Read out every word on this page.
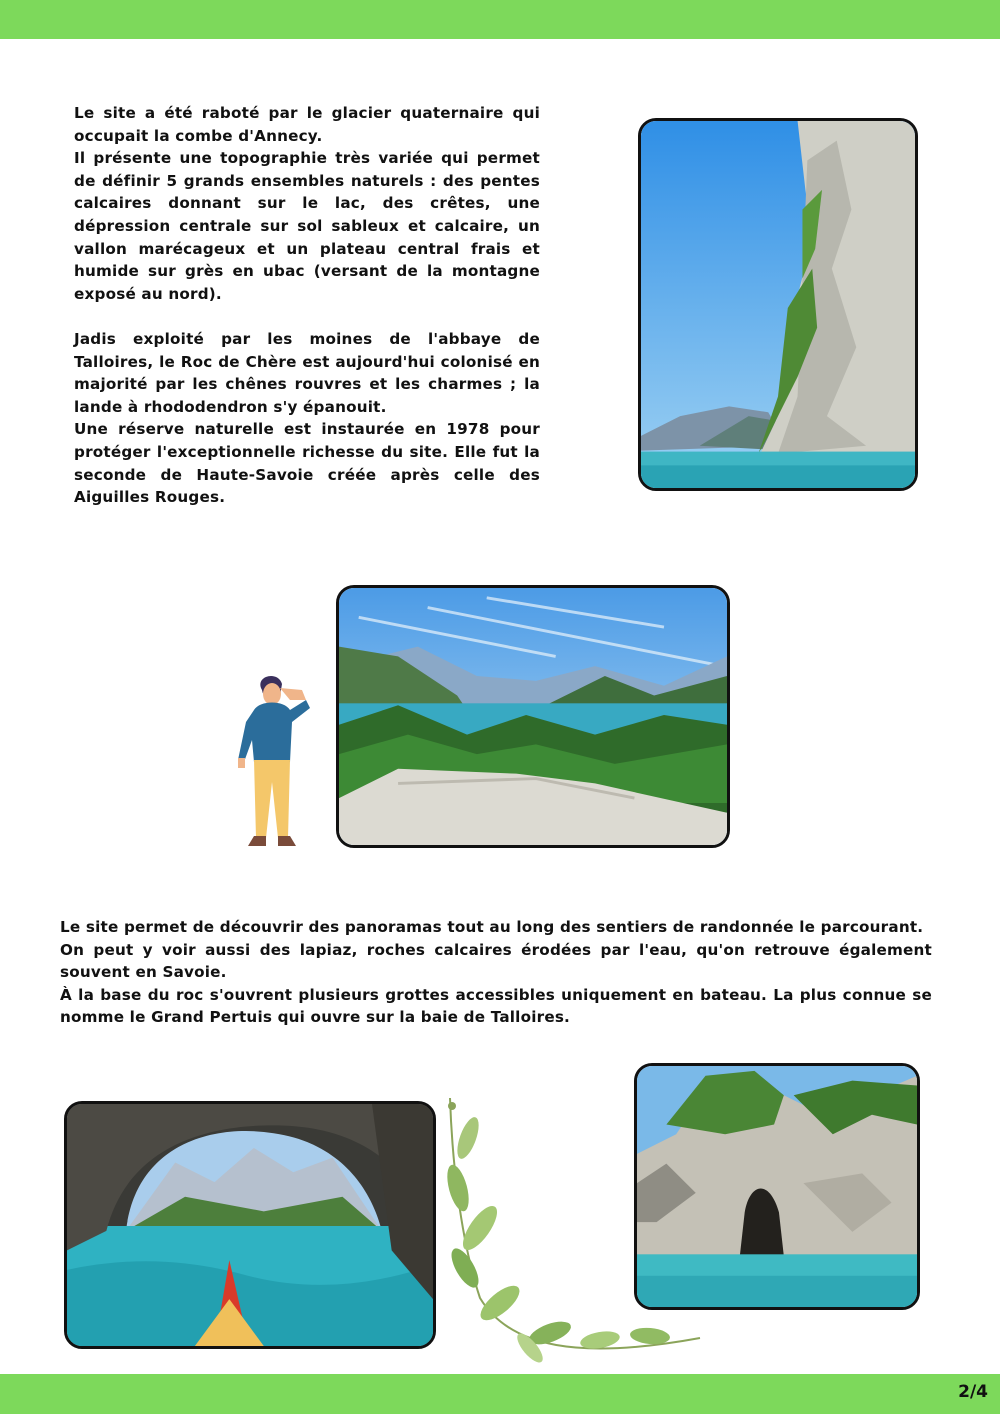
Le site a été raboté par le glacier quaternaire qui occupait la combe d'Annecy.

Il présente une topographie très variée qui permet de définir 5 grands ensembles naturels : des pentes calcaires donnant sur le lac, des crêtes, une dépression centrale sur sol sableux et calcaire, un vallon marécageux et un plateau central frais et humide sur grès en ubac (versant de la montagne exposé au nord).

Jadis exploité par les moines de l'abbaye de Talloires, le Roc de Chère est aujourd'hui colonisé en majorité par les chênes rouvres et les charmes ; la lande à rhododendron s'y épanouit.

Une réserve naturelle est instaurée en 1978 pour protéger l'exceptionnelle richesse du site. Elle fut la seconde de Haute-Savoie créée après celle des Aiguilles Rouges.

Le site permet de découvrir des panoramas tout au long des sentiers de randonnée le parcourant.

On peut y voir aussi des lapiaz, roches calcaires érodées par l'eau, qu'on retrouve également souvent en Savoie.

À la base du roc s'ouvrent plusieurs grottes accessibles uniquement en bateau. La plus connue se nomme le Grand Pertuis qui ouvre sur la baie de Talloires.

2/4
